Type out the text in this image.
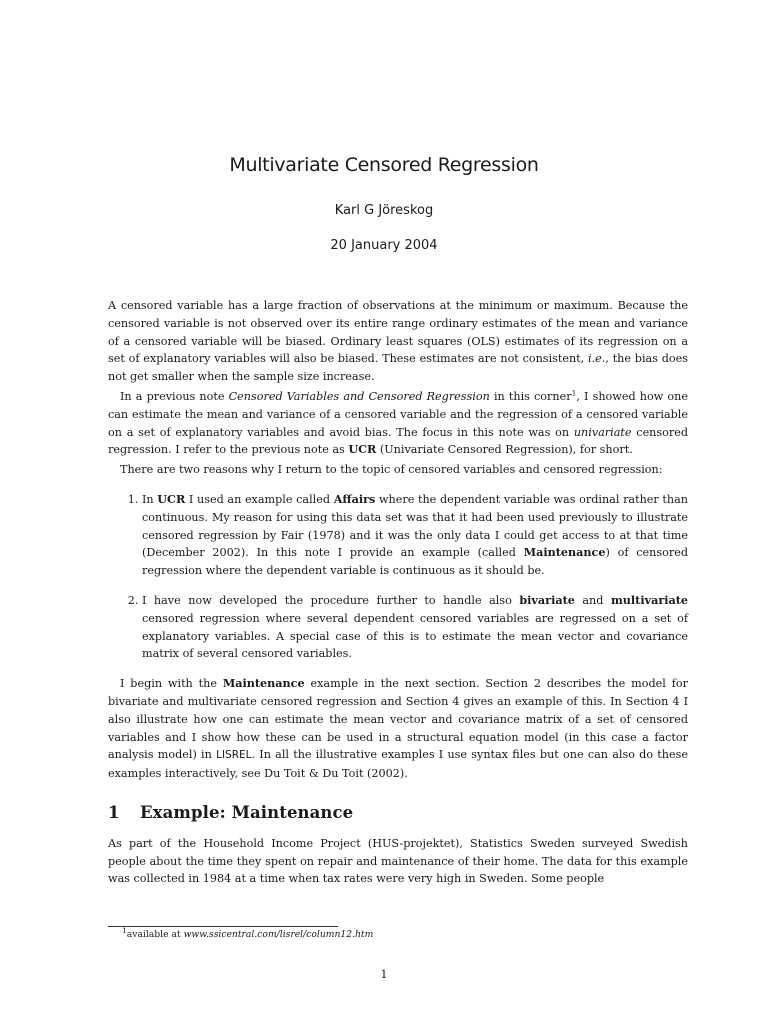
Multivariate Censored Regression
Karl G Jöreskog
20 January 2004

A censored variable has a large fraction of observations at the minimum or maximum. Because the censored variable is not observed over its entire range ordinary estimates of the mean and variance of a censored variable will be biased. Ordinary least squares (OLS) estimates of its regression on a set of explanatory variables will also be biased. These estimates are not consistent, i.e., the bias does not get smaller when the sample size increase.

In a previous note Censored Variables and Censored Regression in this corner$^1$, I showed how one can estimate the mean and variance of a censored variable and the regression of a censored variable on a set of explanatory variables and avoid bias. The focus in this note was on univariate censored regression. I refer to the previous note as UCR (Univariate Censored Regression), for short.

There are two reasons why I return to the topic of censored variables and censored regression:

1. In UCR I used an example called Affairs where the dependent variable was ordinal rather than continuous. My reason for using this data set was that it had been used previously to illustrate censored regression by Fair (1978) and it was the only data I could get access to at that time (December 2002). In this note I provide an example (called Maintenance) of censored regression where the dependent variable is continuous as it should be.
2. I have now developed the procedure further to handle also bivariate and multivariate censored regression where several dependent censored variables are regressed on a set of explanatory variables. A special case of this is to estimate the mean vector and covariance matrix of several censored variables.

I begin with the Maintenance example in the next section. Section 2 describes the model for bivariate and multivariate censored regression and Section 4 gives an example of this. In Section 4 I also illustrate how one can estimate the mean vector and covariance matrix of a set of censored variables and I show how these can be used in a structural equation model (in this case a factor analysis model) in LISREL. In all the illustrative examples I use syntax files but one can also do these examples interactively, see Du Toit & Du Toit (2002).

1 Example: Maintenance

As part of the Household Income Project (HUS-projektet), Statistics Sweden surveyed Swedish people about the time they spent on repair and maintenance of their home. The data for this example was collected in 1984 at a time when tax rates were very high in Sweden. Some people

$^1$available at www.ssicentral.com/lisrel/column12.htm
1
